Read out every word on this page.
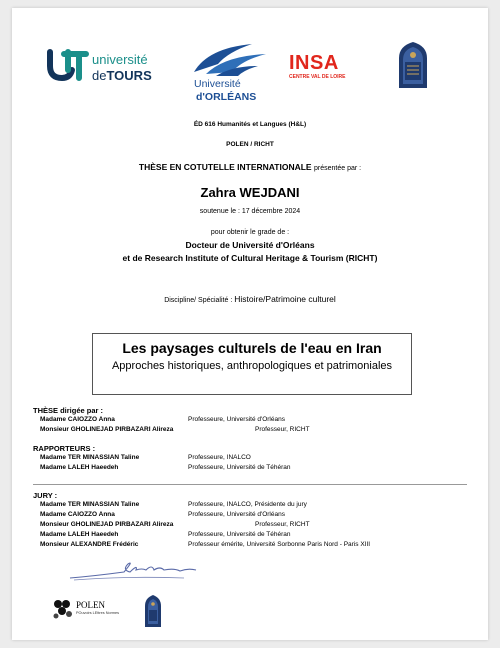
université
deTOURS
Université
d'ORLÉANS
INSA
CENTRE VAL DE LOIRE
ÉD 616 Humanités et Langues (H&L)
POLEN / RICHT
THÈSE EN COTUTELLE INTERNATIONALE présentée par :
Zahra WEJDANI
soutenue le : 17 décembre 2024
pour obtenir le grade de :
Docteur de Université d'Orléans
et de Research Institute of Cultural Heritage & Tourism (RICHT)
Discipline/ Spécialité : Histoire/Patrimoine culturel
Les paysages culturels de l'eau en Iran
Approches historiques, anthropologiques et patrimoniales
THÈSE dirigée par :
Madame CAIOZZO Anna	Professeure, Université d'Orléans
Monsieur GHOLINEJAD PIRBAZARI Alireza	Professeur, RICHT
RAPPORTEURS :
Madame TER MINASSIAN Taline	Professeure, INALCO
Madame LALEH Haeedeh	Professeure, Université de Téhéran
JURY :
Madame TER MINASSIAN Taline	Professeure, INALCO, Présidente du jury
Madame CAIOZZO Anna	Professeure, Université d'Orléans
Monsieur GHOLINEJAD PIRBAZARI Alireza	Professeur, RICHT
Madame LALEH Haeedeh	Professeure, Université de Téhéran
Monsieur ALEXANDRE Frédéric	Professeur émérite, Université Sorbonne Paris Nord - Paris XIII
POLEN
POuvoirs LEttres Normes
